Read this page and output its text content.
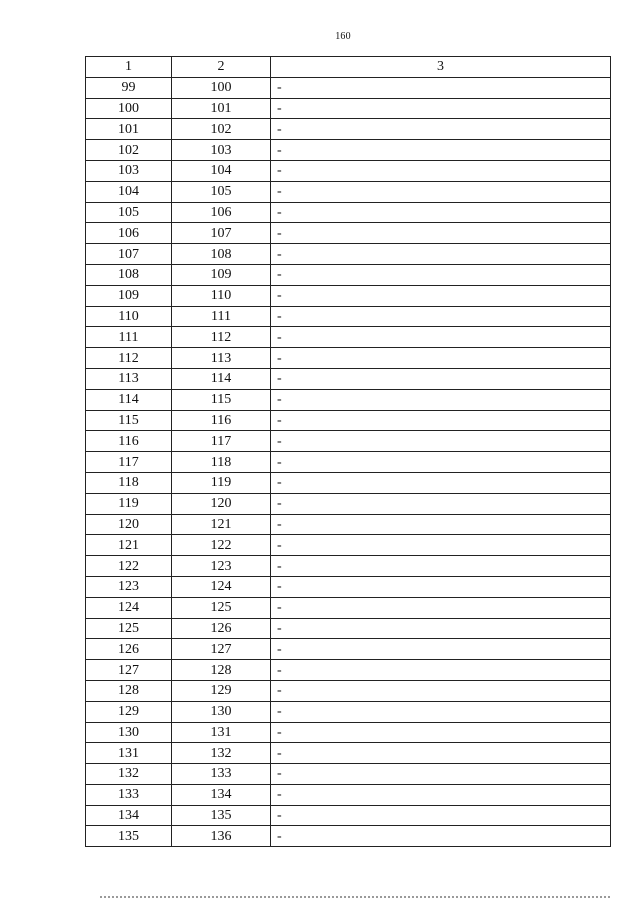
160
1	2	3
99	100	-
100	101	-
101	102	-
102	103	-
103	104	-
104	105	-
105	106	-
106	107	-
107	108	-
108	109	-
109	110	-
110	111	-
111	112	-
112	113	-
113	114	-
114	115	-
115	116	-
116	117	-
117	118	-
118	119	-
119	120	-
120	121	-
121	122	-
122	123	-
123	124	-
124	125	-
125	126	-
126	127	-
127	128	-
128	129	-
129	130	-
130	131	-
131	132	-
132	133	-
133	134	-
134	135	-
135	136	-
